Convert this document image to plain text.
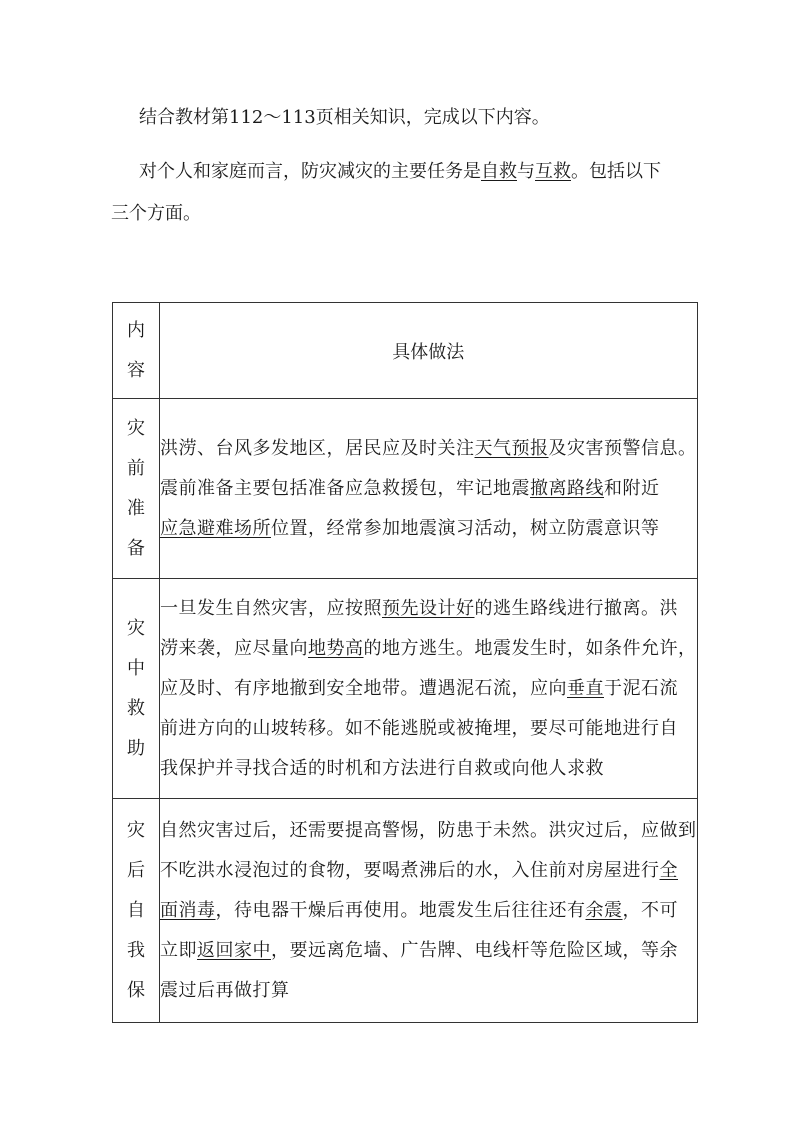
结合教材第112～113页相关知识，完成以下内容。
对个人和家庭而言，防灾减灾的主要任务是自救与互救。包括以下
三个方面。
内
容	具体做法

灾
前
准
备	洪涝、台风多发地区，居民应及时关注天气预报及灾害预警信息。
震前准备主要包括准备应急救援包，牢记地震撤离路线和附近
应急避难场所位置，经常参加地震演习活动，树立防震意识等

灾
中
救
助	一旦发生自然灾害，应按照预先设计好的逃生路线进行撤离。洪
涝来袭，应尽量向地势高的地方逃生。地震发生时，如条件允许，
应及时、有序地撤到安全地带。遭遇泥石流，应向垂直于泥石流
前进方向的山坡转移。如不能逃脱或被掩埋，要尽可能地进行自
我保护并寻找合适的时机和方法进行自救或向他人求救

灾
后
自
我
保	自然灾害过后，还需要提高警惕，防患于未然。洪灾过后，应做到
不吃洪水浸泡过的食物，要喝煮沸后的水，入住前对房屋进行全
面消毒，待电器干燥后再使用。地震发生后往往还有余震，不可
立即返回家中，要远离危墙、广告牌、电线杆等危险区域，等余
震过后再做打算
